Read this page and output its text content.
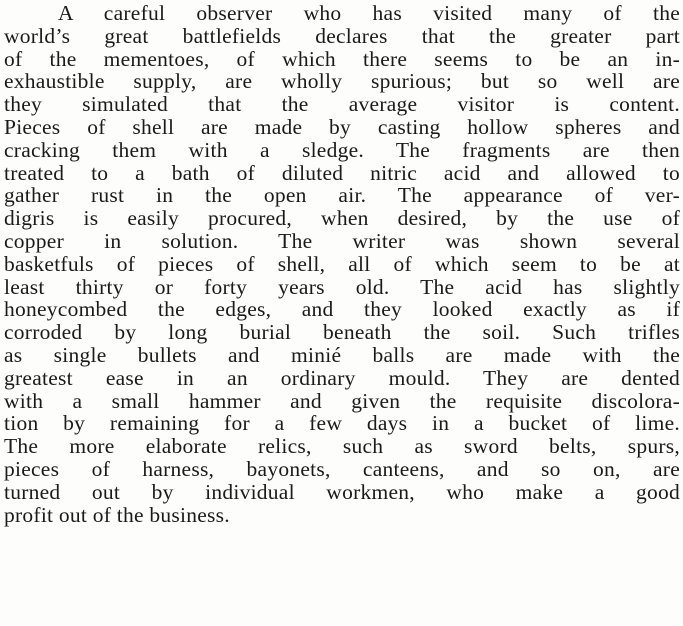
A careful observer who has visited many of the
world’s great battlefields declares that the greater part
of the mementoes, of which there seems to be an in-
exhaustible supply, are wholly spurious; but so well are
they simulated that the average visitor is content.
Pieces of shell are made by casting hollow spheres and
cracking them with a sledge. The fragments are then
treated to a bath of diluted nitric acid and allowed to
gather rust in the open air. The appearance of ver-
digris is easily procured, when desired, by the use of
copper in solution. The writer was shown several
basketfuls of pieces of shell, all of which seem to be at
least thirty or forty years old. The acid has slightly
honeycombed the edges, and they looked exactly as if
corroded by long burial beneath the soil. Such trifles
as single bullets and minié balls are made with the
greatest ease in an ordinary mould. They are dented
with a small hammer and given the requisite discolora-
tion by remaining for a few days in a bucket of lime.
The more elaborate relics, such as sword belts, spurs,
pieces of harness, bayonets, canteens, and so on, are
turned out by individual workmen, who make a good
profit out of the business.
